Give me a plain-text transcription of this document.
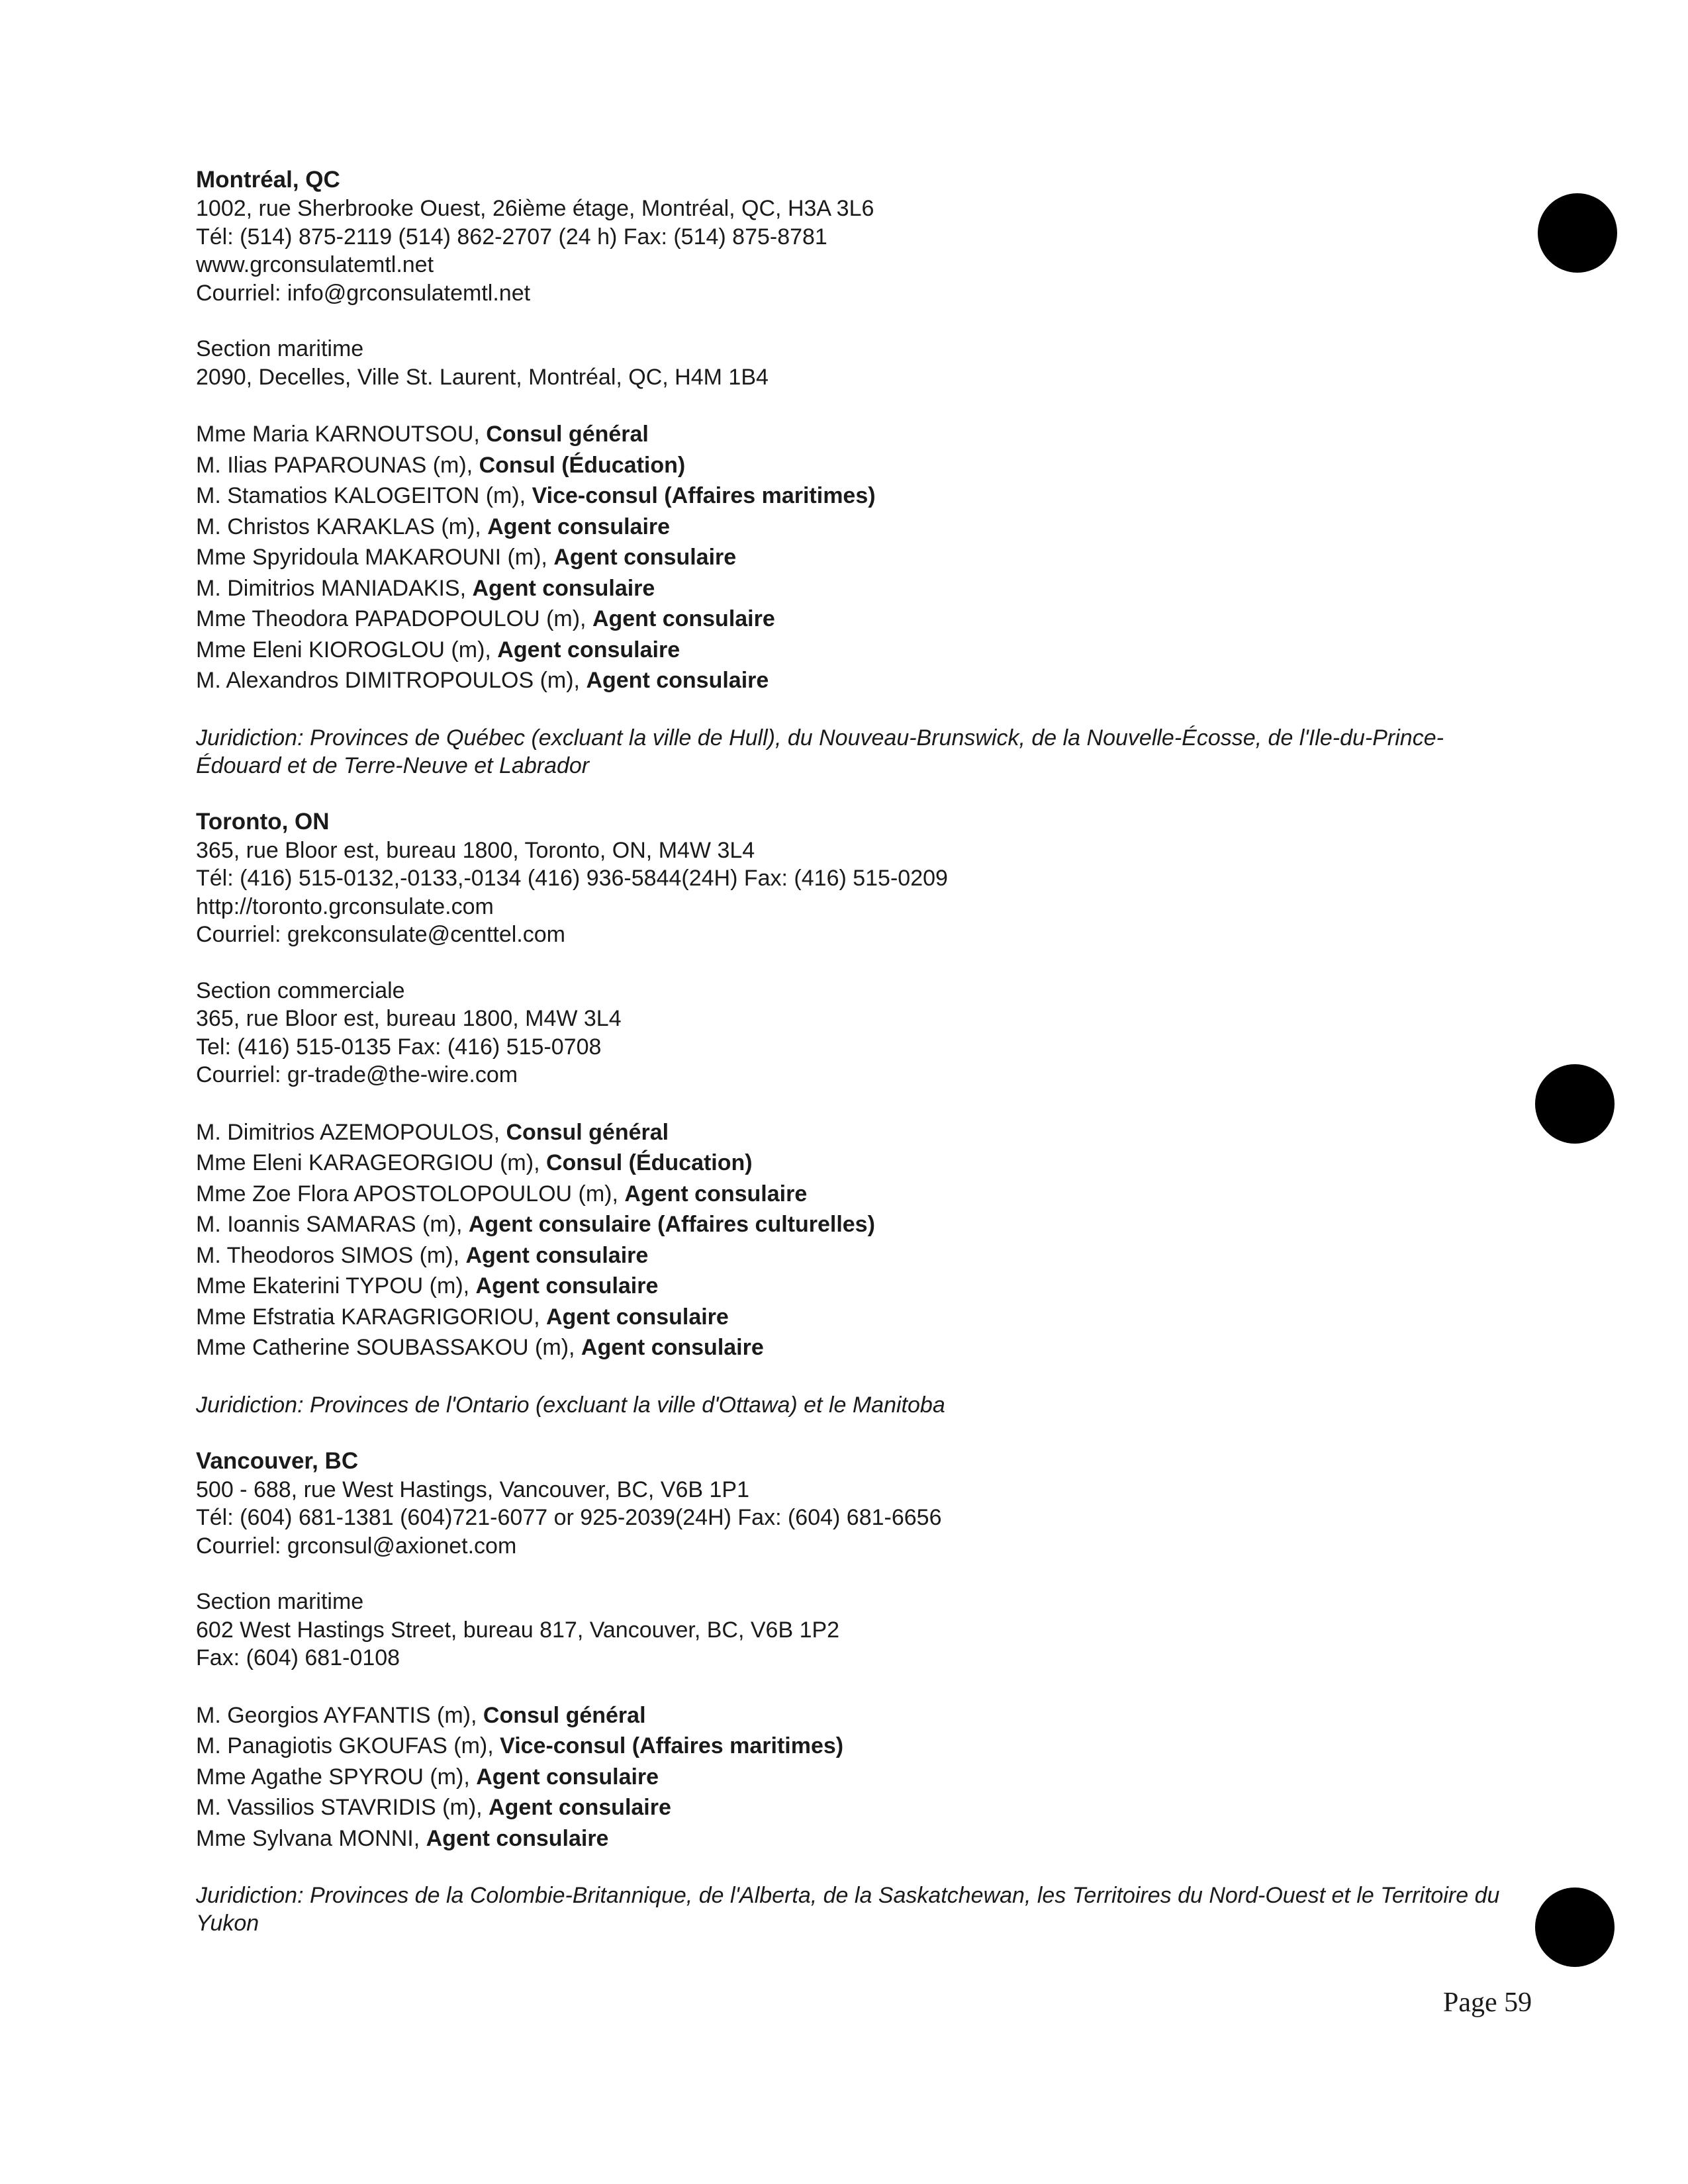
Montréal, QC
1002, rue Sherbrooke Ouest, 26ième étage, Montréal, QC, H3A 3L6
Tél: (514) 875-2119 (514) 862-2707 (24 h) Fax: (514) 875-8781
www.grconsulatemtl.net
Courriel: info@grconsulatemtl.net
Section maritime
2090, Decelles, Ville St. Laurent, Montréal, QC, H4M 1B4
Mme Maria KARNOUTSOU, Consul général
M. Ilias PAPAROUNAS (m), Consul (Éducation)
M. Stamatios KALOGEITON (m), Vice-consul (Affaires maritimes)
M. Christos KARAKLAS (m), Agent consulaire
Mme Spyridoula MAKAROUNI (m), Agent consulaire
M. Dimitrios MANIADAKIS, Agent consulaire
Mme Theodora PAPADOPOULOU (m), Agent consulaire
Mme Eleni KIOROGLOU (m), Agent consulaire
M. Alexandros DIMITROPOULOS (m), Agent consulaire
Juridiction: Provinces de Québec (excluant la ville de Hull), du Nouveau-Brunswick, de la Nouvelle-Écosse, de l'Ile-du-Prince-Édouard et de Terre-Neuve et Labrador
Toronto, ON
365, rue Bloor est, bureau 1800, Toronto, ON, M4W 3L4
Tél: (416) 515-0132,-0133,-0134 (416) 936-5844(24H) Fax: (416) 515-0209
http://toronto.grconsulate.com
Courriel: grekconsulate@centtel.com
Section commerciale
365, rue Bloor est, bureau 1800, M4W 3L4
Tel: (416) 515-0135 Fax: (416) 515-0708
Courriel: gr-trade@the-wire.com
M. Dimitrios AZEMOPOULOS, Consul général
Mme Eleni KARAGEORGIOU (m), Consul (Éducation)
Mme Zoe Flora APOSTOLOPOULOU (m), Agent consulaire
M. Ioannis SAMARAS (m), Agent consulaire (Affaires culturelles)
M. Theodoros SIMOS (m), Agent consulaire
Mme Ekaterini TYPOU (m), Agent consulaire
Mme Efstratia KARAGRIGORIOU, Agent consulaire
Mme Catherine SOUBASSAKOU (m), Agent consulaire
Juridiction: Provinces de l'Ontario (excluant la ville d'Ottawa) et le Manitoba
Vancouver, BC
500 - 688, rue West Hastings, Vancouver, BC, V6B 1P1
Tél: (604) 681-1381 (604)721-6077 or 925-2039(24H) Fax: (604) 681-6656
Courriel: grconsul@axionet.com
Section maritime
602 West Hastings Street, bureau 817, Vancouver, BC, V6B 1P2
Fax: (604) 681-0108
M. Georgios AYFANTIS (m), Consul général
M. Panagiotis GKOUFAS (m), Vice-consul (Affaires maritimes)
Mme Agathe SPYROU (m), Agent consulaire
M. Vassilios STAVRIDIS (m), Agent consulaire
Mme Sylvana MONNI, Agent consulaire
Juridiction: Provinces de la Colombie-Britannique, de l'Alberta, de la Saskatchewan, les Territoires du Nord-Ouest et le Territoire du Yukon
Page 59
